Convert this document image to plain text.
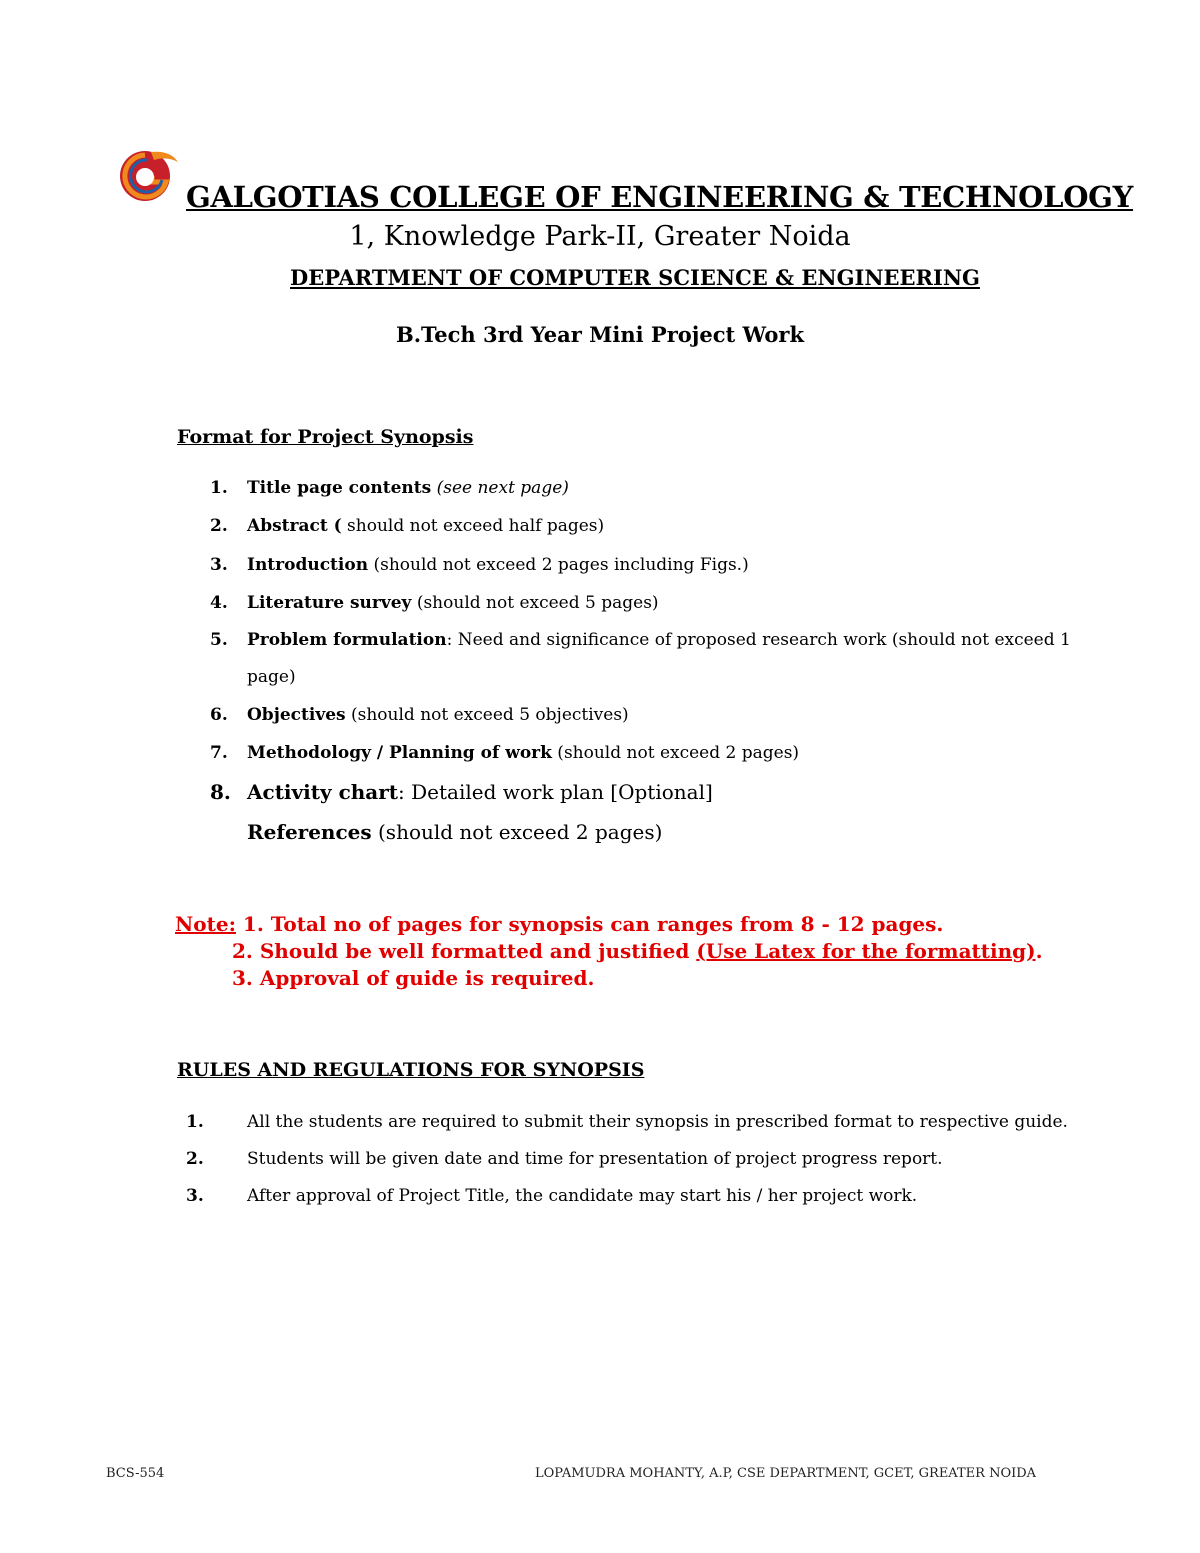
GALGOTIAS COLLEGE OF ENGINEERING & TECHNOLOGY
1, Knowledge Park-II, Greater Noida
DEPARTMENT OF COMPUTER SCIENCE & ENGINEERING
B.Tech 3rd Year Mini Project Work
Format for Project Synopsis
1.	Title page contents (see next page)
2.	Abstract ( should not exceed half pages)
3.	Introduction (should not exceed 2 pages including Figs.)
4.	Literature survey (should not exceed 5 pages)
5.	Problem formulation: Need and significance of proposed research work (should not exceed 1
page)
6.	Objectives (should not exceed 5 objectives)
7.	Methodology / Planning of work (should not exceed 2 pages)
8. Activity chart: Detailed work plan [Optional]
References (should not exceed 2 pages)
Note: 1. Total no of pages for synopsis can ranges from 8 - 12 pages.
2. Should be well formatted and justified (Use Latex for the formatting).
3. Approval of guide is required.
RULES AND REGULATIONS FOR SYNOPSIS
1.	All the students are required to submit their synopsis in prescribed format to respective guide.
2.	Students will be given date and time for presentation of project progress report.
3.	After approval of Project Title, the candidate may start his / her project work.
BCS-554	LOPAMUDRA MOHANTY, A.P, CSE DEPARTMENT, GCET, GREATER NOIDA
